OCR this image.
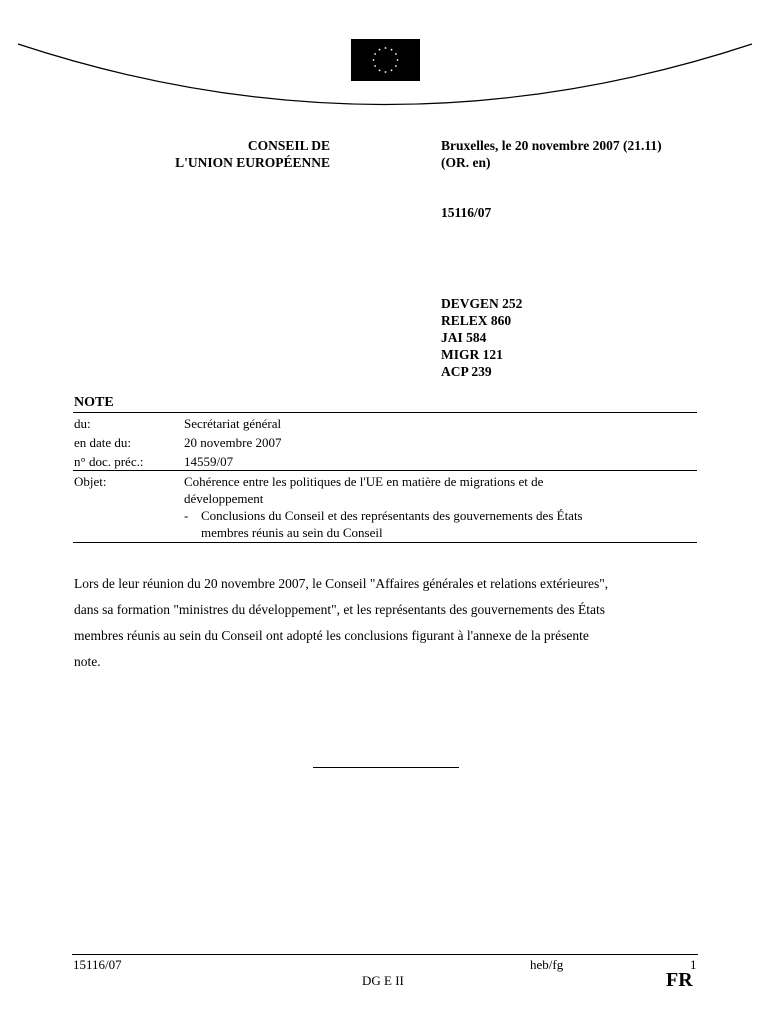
CONSEIL DE
L'UNION EUROPÉENNE
Bruxelles, le 20 novembre 2007 (21.11)
(OR. en)
15116/07
DEVGEN 252
RELEX 860
JAI 584
MIGR 121
ACP 239
NOTE
du:	Secrétariat général
en date du:	20 novembre 2007
n° doc. préc.:	14559/07
Objet:	Cohérence entre les politiques de l'UE en matière de migrations et de
développement
- Conclusions du Conseil et des représentants des gouvernements des États
membres réunis au sein du Conseil
Lors de leur réunion du 20 novembre 2007, le Conseil "Affaires générales et relations extérieures",
dans sa formation "ministres du développement", et les représentants des gouvernements des États
membres réunis au sein du Conseil ont adopté les conclusions figurant à l'annexe de la présente
note.
15116/07	heb/fg	1
DG E II	FR
